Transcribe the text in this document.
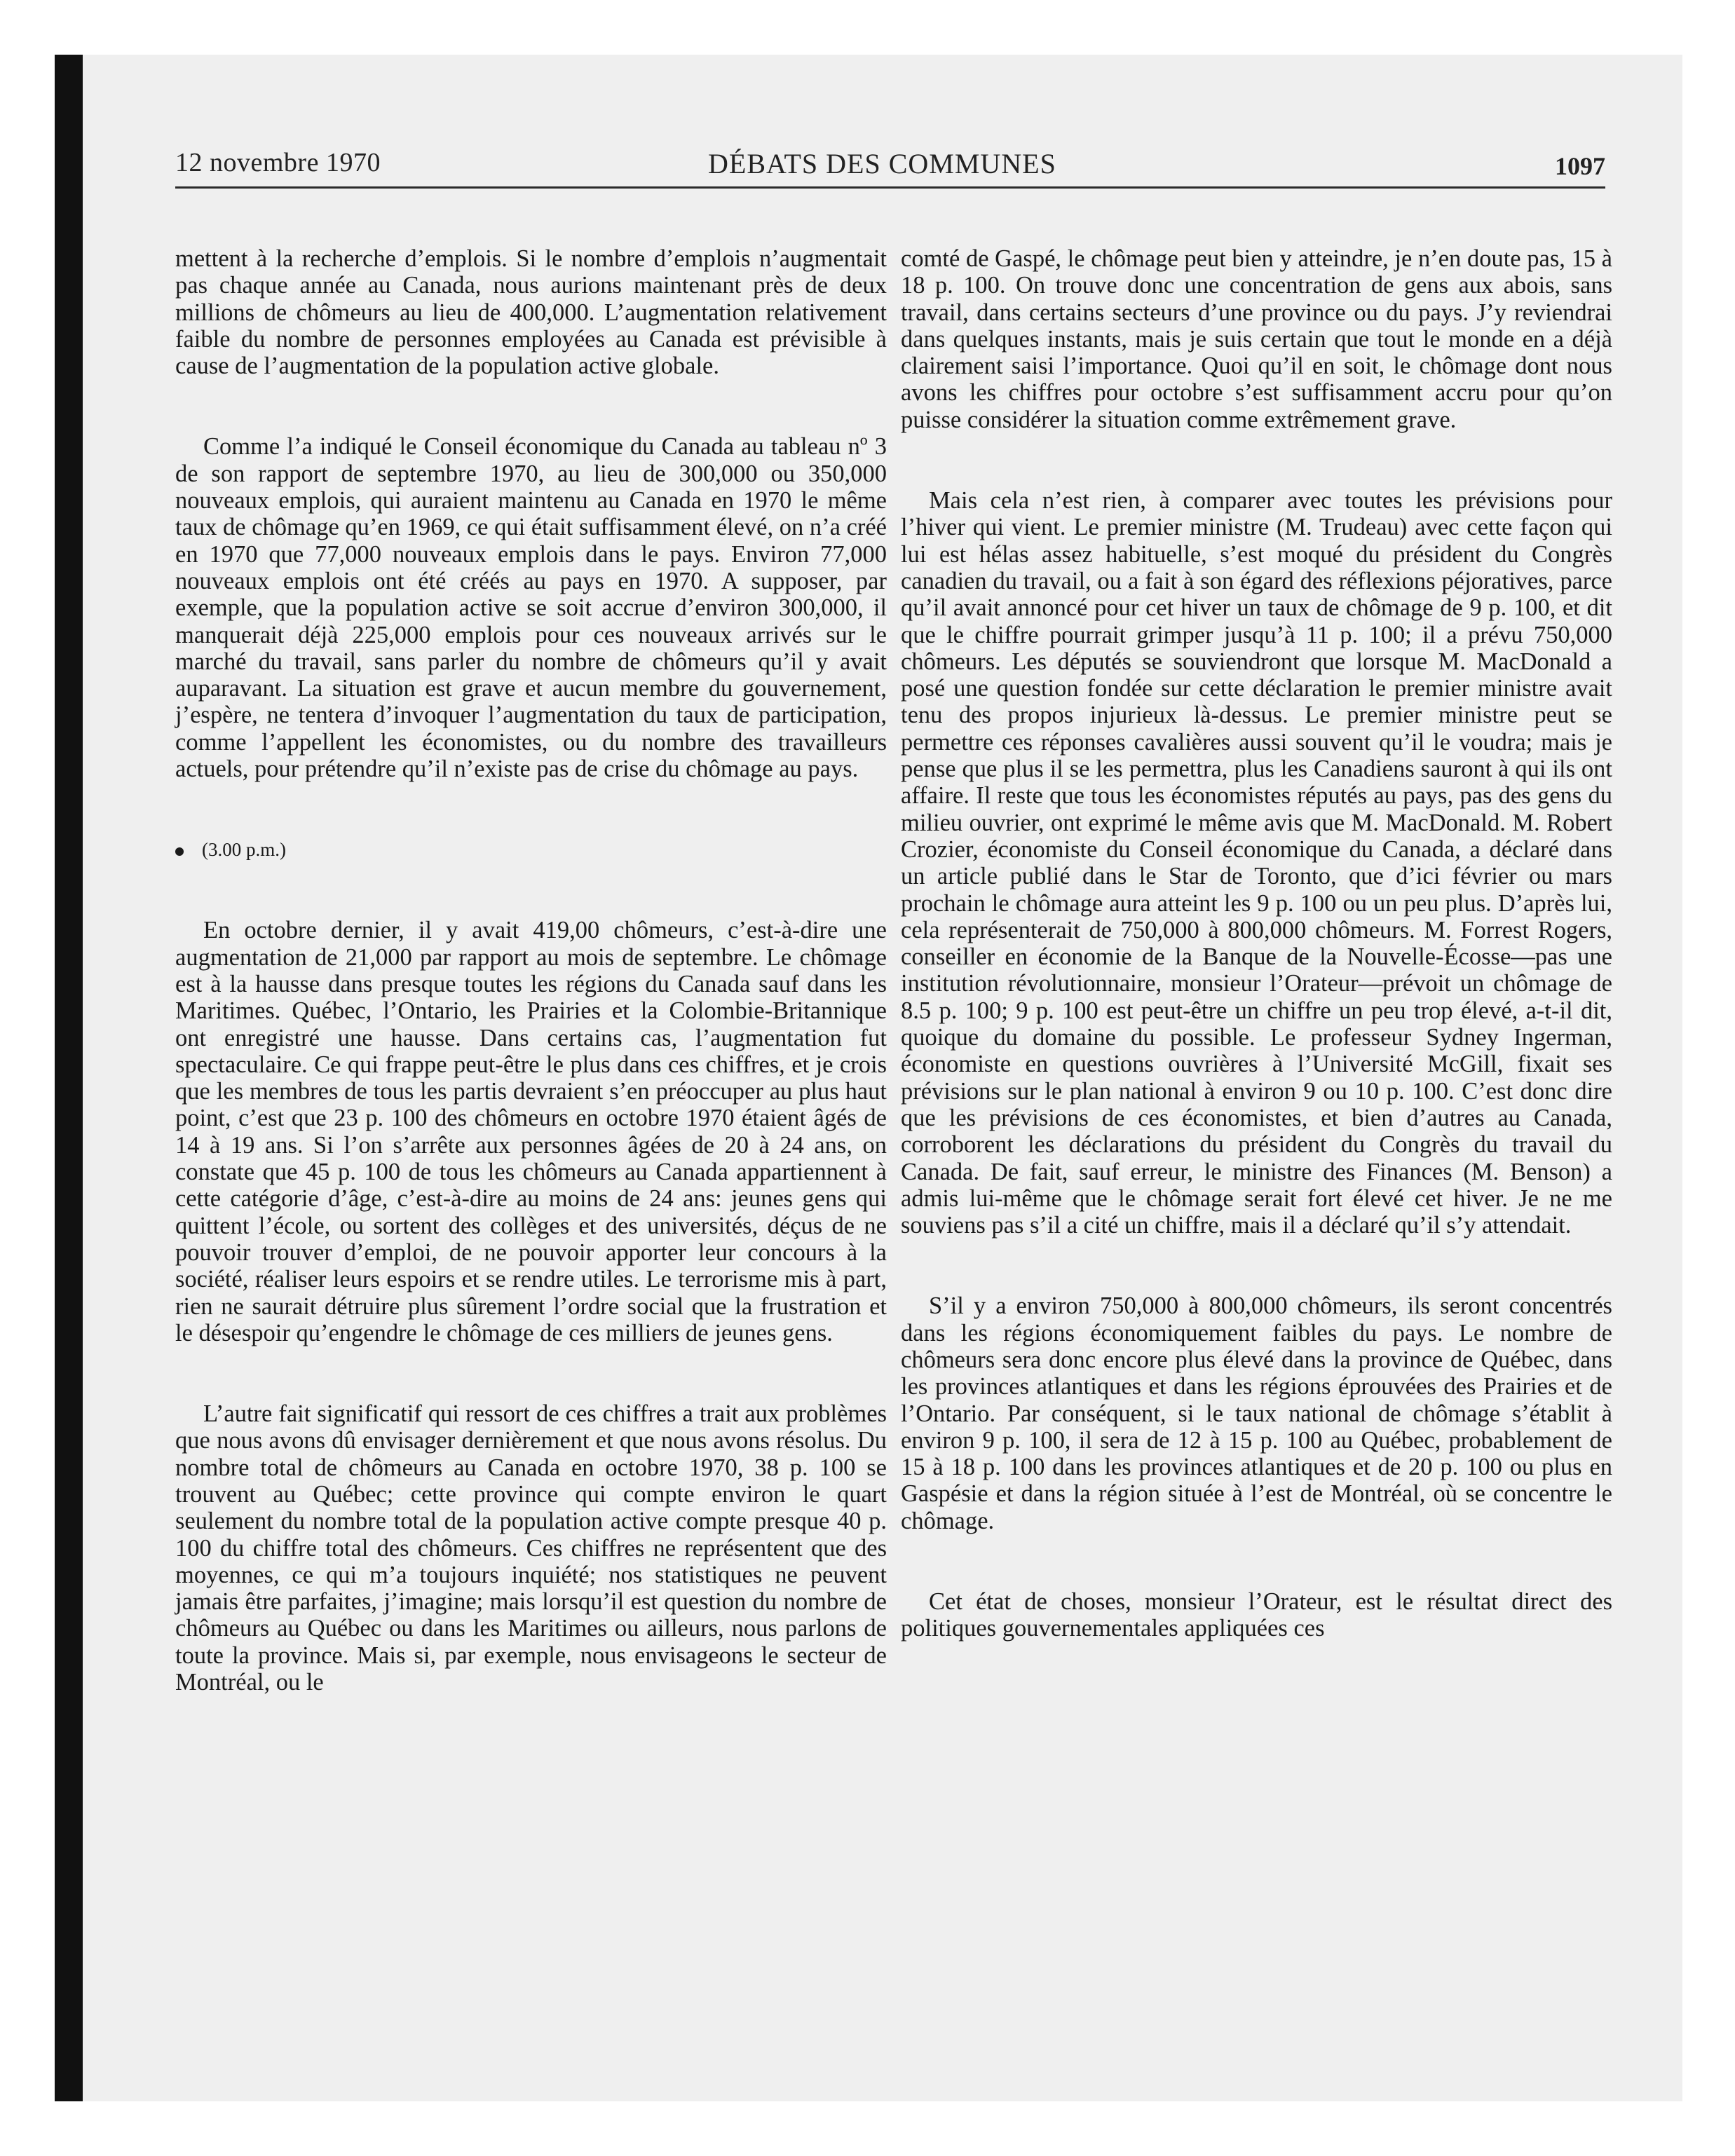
12 novembre 1970	DÉBATS DES COMMUNES	1097

mettent à la recherche d’emplois. Si le nombre d’emplois n’augmentait pas chaque année au Canada, nous aurions maintenant près de deux millions de chômeurs au lieu de 400,000. L’augmentation relativement faible du nombre de personnes employées au Canada est prévisible à cause de l’augmentation de la population active globale.

Comme l’a indiqué le Conseil économique du Canada au tableau nº 3 de son rapport de septembre 1970, au lieu de 300,000 ou 350,000 nouveaux emplois, qui auraient maintenu au Canada en 1970 le même taux de chômage qu’en 1969, ce qui était suffisamment élevé, on n’a créé en 1970 que 77,000 nouveaux emplois dans le pays. Environ 77,000 nouveaux emplois ont été créés au pays en 1970. A supposer, par exemple, que la population active se soit accrue d’environ 300,000, il manquerait déjà 225,000 emplois pour ces nouveaux arrivés sur le marché du travail, sans parler du nombre de chômeurs qu’il y avait auparavant. La situation est grave et aucun membre du gouvernement, j’espère, ne tentera d’invoquer l’augmentation du taux de participation, comme l’appellent les économistes, ou du nombre des travailleurs actuels, pour prétendre qu’il n’existe pas de crise du chômage au pays.

(3.00 p.m.)

En octobre dernier, il y avait 419,00 chômeurs, c’est-à-dire une augmentation de 21,000 par rapport au mois de septembre. Le chômage est à la hausse dans presque toutes les régions du Canada sauf dans les Maritimes. Québec, l’Ontario, les Prairies et la Colombie-Britannique ont enregistré une hausse. Dans certains cas, l’augmentation fut spectaculaire. Ce qui frappe peut-être le plus dans ces chiffres, et je crois que les membres de tous les partis devraient s’en préoccuper au plus haut point, c’est que 23 p. 100 des chômeurs en octobre 1970 étaient âgés de 14 à 19 ans. Si l’on s’arrête aux personnes âgées de 20 à 24 ans, on constate que 45 p. 100 de tous les chômeurs au Canada appartiennent à cette catégorie d’âge, c’est-à-dire au moins de 24 ans: jeunes gens qui quittent l’école, ou sortent des collèges et des universités, déçus de ne pouvoir trouver d’emploi, de ne pouvoir apporter leur concours à la société, réaliser leurs espoirs et se rendre utiles. Le terrorisme mis à part, rien ne saurait détruire plus sûrement l’ordre social que la frustration et le désespoir qu’engendre le chômage de ces milliers de jeunes gens.

L’autre fait significatif qui ressort de ces chiffres a trait aux problèmes que nous avons dû envisager dernièrement et que nous avons résolus. Du nombre total de chômeurs au Canada en octobre 1970, 38 p. 100 se trouvent au Québec; cette province qui compte environ le quart seulement du nombre total de la population active compte presque 40 p. 100 du chiffre total des chômeurs. Ces chiffres ne représentent que des moyennes, ce qui m’a toujours inquiété; nos statistiques ne peuvent jamais être parfaites, j’imagine; mais lorsqu’il est question du nombre de chômeurs au Québec ou dans les Maritimes ou ailleurs, nous parlons de toute la province. Mais si, par exemple, nous envisageons le secteur de Montréal, ou le

comté de Gaspé, le chômage peut bien y atteindre, je n’en doute pas, 15 à 18 p. 100. On trouve donc une concentration de gens aux abois, sans travail, dans certains secteurs d’une province ou du pays. J’y reviendrai dans quelques instants, mais je suis certain que tout le monde en a déjà clairement saisi l’importance. Quoi qu’il en soit, le chômage dont nous avons les chiffres pour octobre s’est suffisamment accru pour qu’on puisse considérer la situation comme extrêmement grave.

Mais cela n’est rien, à comparer avec toutes les prévisions pour l’hiver qui vient. Le premier ministre (M. Trudeau) avec cette façon qui lui est hélas assez habituelle, s’est moqué du président du Congrès canadien du travail, ou a fait à son égard des réflexions péjoratives, parce qu’il avait annoncé pour cet hiver un taux de chômage de 9 p. 100, et dit que le chiffre pourrait grimper jusqu’à 11 p. 100; il a prévu 750,000 chômeurs. Les députés se souviendront que lorsque M. MacDonald a posé une question fondée sur cette déclaration le premier ministre avait tenu des propos injurieux là-dessus. Le premier ministre peut se permettre ces réponses cavalières aussi souvent qu’il le voudra; mais je pense que plus il se les permettra, plus les Canadiens sauront à qui ils ont affaire. Il reste que tous les économistes réputés au pays, pas des gens du milieu ouvrier, ont exprimé le même avis que M. MacDonald. M. Robert Crozier, économiste du Conseil économique du Canada, a déclaré dans un article publié dans le Star de Toronto, que d’ici février ou mars prochain le chômage aura atteint les 9 p. 100 ou un peu plus. D’après lui, cela représenterait de 750,000 à 800,000 chômeurs. M. Forrest Rogers, conseiller en économie de la Banque de la Nouvelle-Écosse—pas une institution révolutionnaire, monsieur l’Orateur—prévoit un chômage de 8.5 p. 100; 9 p. 100 est peut-être un chiffre un peu trop élevé, a-t-il dit, quoique du domaine du possible. Le professeur Sydney Ingerman, économiste en questions ouvrières à l’Université McGill, fixait ses prévisions sur le plan national à environ 9 ou 10 p. 100. C’est donc dire que les prévisions de ces économistes, et bien d’autres au Canada, corroborent les déclarations du président du Congrès du travail du Canada. De fait, sauf erreur, le ministre des Finances (M. Benson) a admis lui-même que le chômage serait fort élevé cet hiver. Je ne me souviens pas s’il a cité un chiffre, mais il a déclaré qu’il s’y attendait.

S’il y a environ 750,000 à 800,000 chômeurs, ils seront concentrés dans les régions économiquement faibles du pays. Le nombre de chômeurs sera donc encore plus élevé dans la province de Québec, dans les provinces atlantiques et dans les régions éprouvées des Prairies et de l’Ontario. Par conséquent, si le taux national de chômage s’établit à environ 9 p. 100, il sera de 12 à 15 p. 100 au Québec, probablement de 15 à 18 p. 100 dans les provinces atlantiques et de 20 p. 100 ou plus en Gaspésie et dans la région située à l’est de Montréal, où se concentre le chômage.

Cet état de choses, monsieur l’Orateur, est le résultat direct des politiques gouvernementales appliquées ces
